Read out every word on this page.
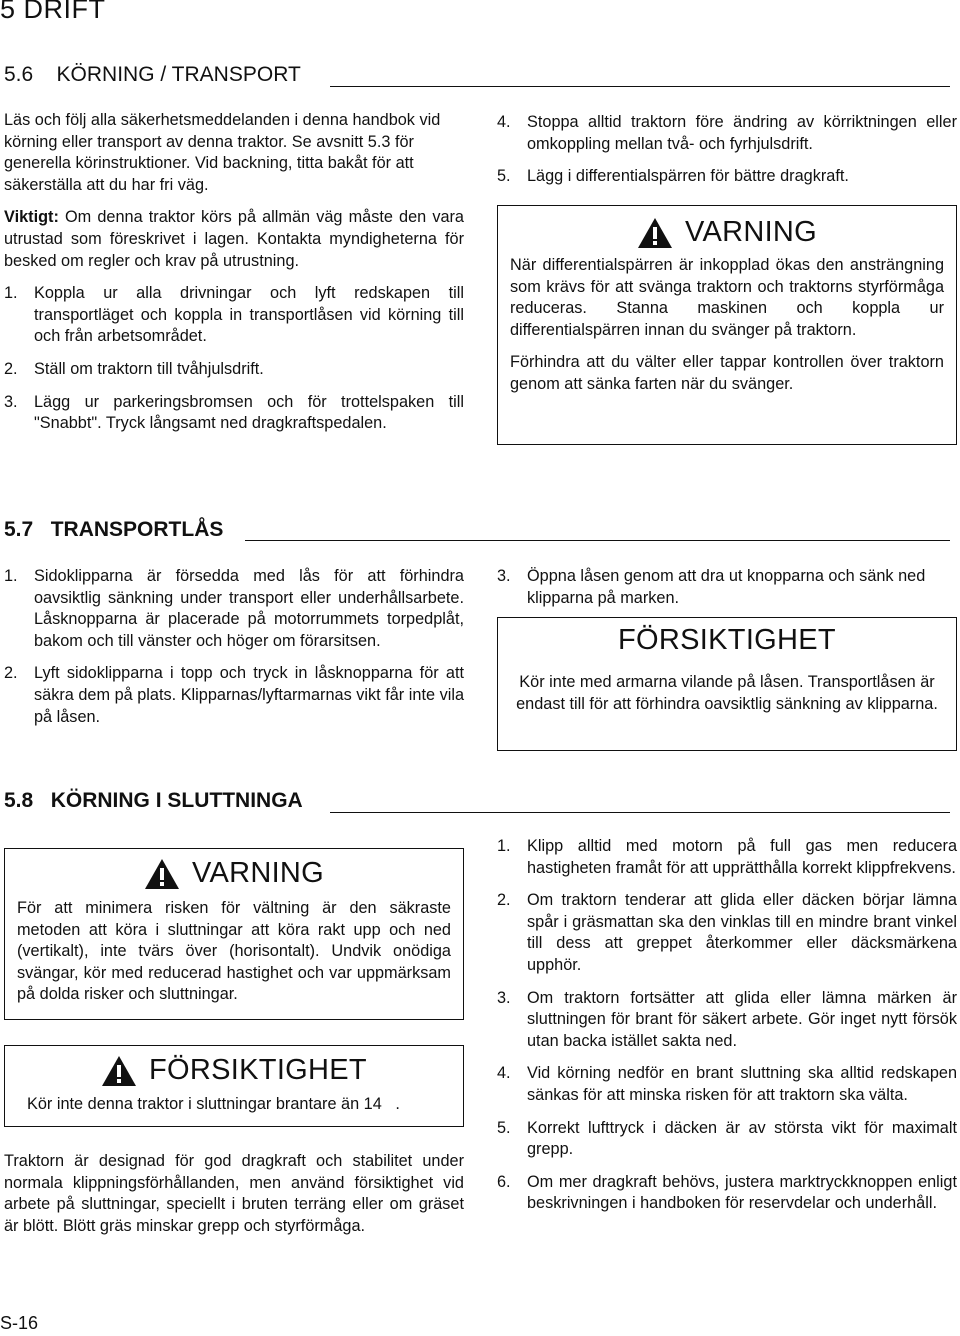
5 DRIFT
5.6 KÖRNING / TRANSPORT

Läs och följ alla säkerhetsmeddelanden i denna handbok vid körning eller transport av denna traktor. Se avsnitt 5.3 för generella körinstruktioner. Vid backning, titta bakåt för att säkerställa att du har fri väg.

Viktigt: Om denna traktor körs på allmän väg måste den vara utrustad som föreskrivet i lagen. Kontakta myndigheterna för besked om regler och krav på utrustning.

1. Koppla ur alla drivningar och lyft redskapen till transportläget och koppla in transportlåsen vid körning till och från arbetsområdet.
2. Ställ om traktorn till tvåhjulsdrift.
3. Lägg ur parkeringsbromsen och för trottelspaken till "Snabbt". Tryck långsamt ned dragkraftspedalen.
4. Stoppa alltid traktorn före ändring av körriktningen eller omkoppling mellan två- och fyrhjulsdrift.
5. Lägg i differentialspärren för bättre dragkraft.
VARNING

När differentialspärren är inkopplad ökas den ansträngning som krävs för att svänga traktorn och traktorns styrförmåga reduceras. Stanna maskinen och koppla ur differentialspärren innan du svänger på traktorn.

Förhindra att du välter eller tappar kontrollen över traktorn genom att sänka farten när du svänger.

5.7 TRANSPORTLÅS
1. Sidoklipparna är försedda med lås för att förhindra oavsiktlig sänkning under transport eller underhållsarbete. Låsknopparna är placerade på motorrummets torpedplåt, bakom och till vänster och höger om förarsitsen.
2. Lyft sidoklipparna i topp och tryck in låsknopparna för att säkra dem på plats. Klipparnas/lyftarmarnas vikt får inte vila på låsen.
3. Öppna låsen genom att dra ut knopparna och sänk ned klipparna på marken.
FÖRSIKTIGHET
Kör inte med armarna vilande på låsen. Transportlåsen är endast till för att förhindra oavsiktlig sänkning av klipparna.
5.8 KÖRNING I SLUTTNINGA
VARNING
För att minimera risken för vältning är den säkraste metoden att köra i sluttningar att köra rakt upp och ned (vertikalt), inte tvärs över (horisontalt). Undvik onödiga svängar, kör med reducerad hastighet och var uppmärksam på dolda risker och sluttningar.
FÖRSIKTIGHET
Kör inte denna traktor i sluttningar brantare än 14   .
Traktorn är designad för god dragkraft och stabilitet under normala klippningsförhållanden, men använd försiktighet vid arbete på sluttningar, speciellt i bruten terräng eller om gräset är blött. Blött gräs minskar grepp och styrförmåga.
1. Klipp alltid med motorn på full gas men reducera hastigheten framåt för att upprätthålla korrekt klippfrekvens.
2. Om traktorn tenderar att glida eller däcken börjar lämna spår i gräsmattan ska den vinklas till en mindre brant vinkel till dess att greppet återkommer eller däcksmärkena upphör.
3. Om traktorn fortsätter att glida eller lämna märken är sluttningen för brant för säkert arbete. Gör inget nytt försök utan backa istället sakta ned.
4. Vid körning nedför en brant sluttning ska alltid redskapen sänkas för att minska risken för att traktorn ska välta.
5. Korrekt lufttryck i däcken är av största vikt för maximalt grepp.
6. Om mer dragkraft behövs, justera marktryckknoppen enligt beskrivningen i handboken för reservdelar och underhåll.
S-16
